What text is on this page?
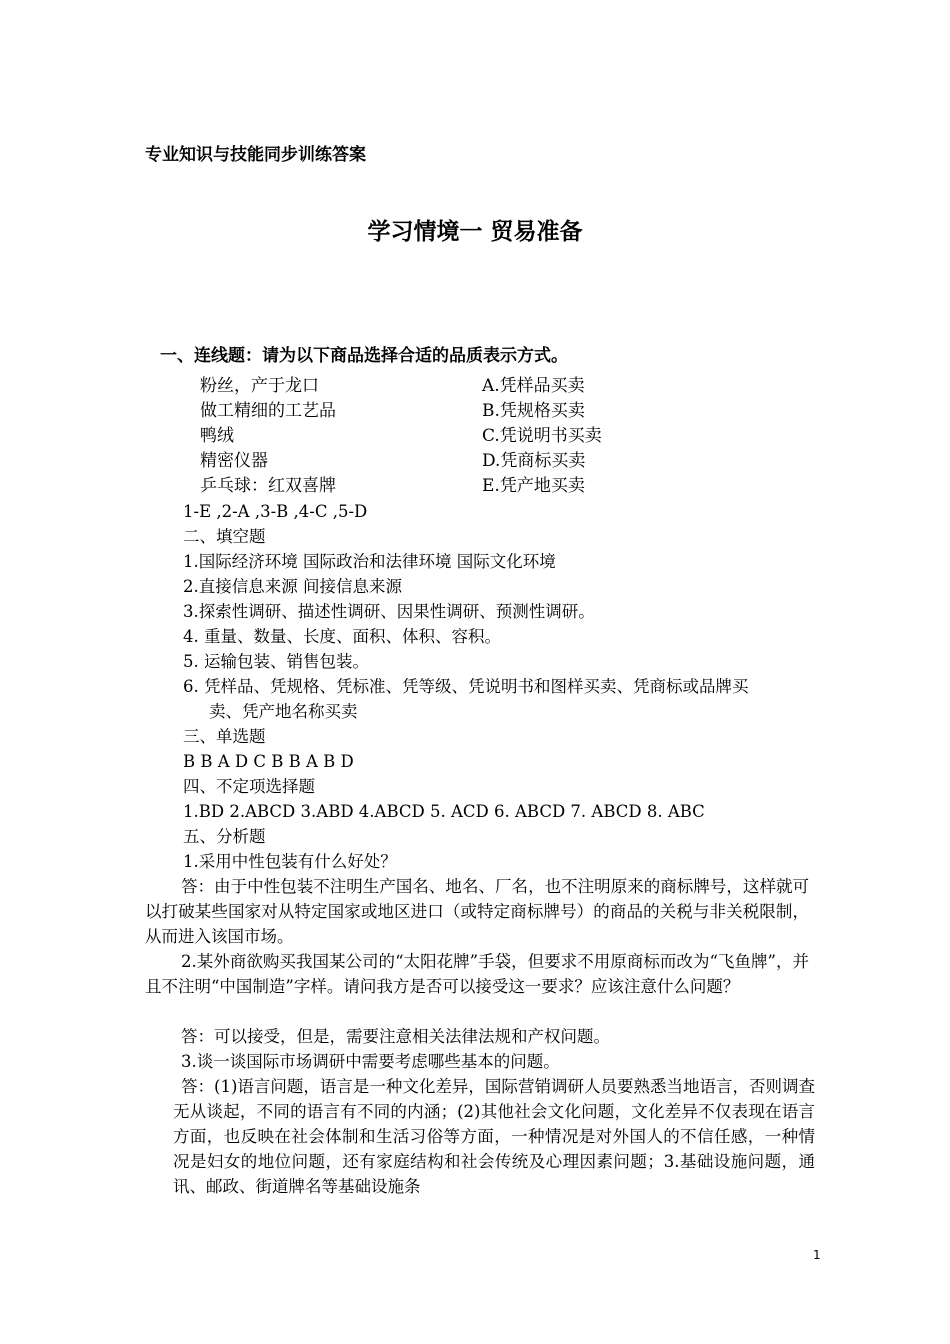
专业知识与技能同步训练答案
学习情境一 贸易准备
一、连线题：请为以下商品选择合适的品质表示方式。
粉丝，产于龙口
做工精细的工艺品
鸭绒
精密仪器
乒乓球：红双喜牌
A.凭样品买卖
B.凭规格买卖
C.凭说明书买卖
D.凭商标买卖
E.凭产地买卖
1-E ,2-A ,3-B ,4-C ,5-D
二、填空题
1.国际经济环境 国际政治和法律环境 国际文化环境
2.直接信息来源 间接信息来源
3.探索性调研、描述性调研、因果性调研、预测性调研。
4. 重量、数量、长度、面积、体积、容积。
5. 运输包装、销售包装。
6. 凭样品、凭规格、凭标准、凭等级、凭说明书和图样买卖、凭商标或品牌买
卖、凭产地名称买卖
三、单选题
B B A D C B B A B D
四、不定项选择题
1.BD 2.ABCD 3.ABD 4.ABCD 5. ACD 6. ABCD 7. ABCD 8. ABC
五、分析题
1.采用中性包装有什么好处？

答：由于中性包装不注明生产国名、地名、厂名，也不注明原来的商标牌号，这样就可以打破某些国家对从特定国家或地区进口（或特定商标牌号）的商品的关税与非关税限制，从而进入该国市场。

2.某外商欲购买我国某公司的“太阳花牌”手袋，但要求不用原商标而改为“飞鱼牌”，并且不注明“中国制造”字样。请问我方是否可以接受这一要求？应该注意什么问题？

答：可以接受，但是，需要注意相关法律法规和产权问题。

3.谈一谈国际市场调研中需要考虑哪些基本的问题。

答：(1)语言问题，语言是一种文化差异，国际营销调研人员要熟悉当地语言，否则调查无从谈起，不同的语言有不同的内涵；(2)其他社会文化问题，文化差异不仅表现在语言方面，也反映在社会体制和生活习俗等方面，一种情况是对外国人的不信任感，一种情况是妇女的地位问题，还有家庭结构和社会传统及心理因素问题；3.基础设施问题，通讯、邮政、街道牌名等基础设施条

1
